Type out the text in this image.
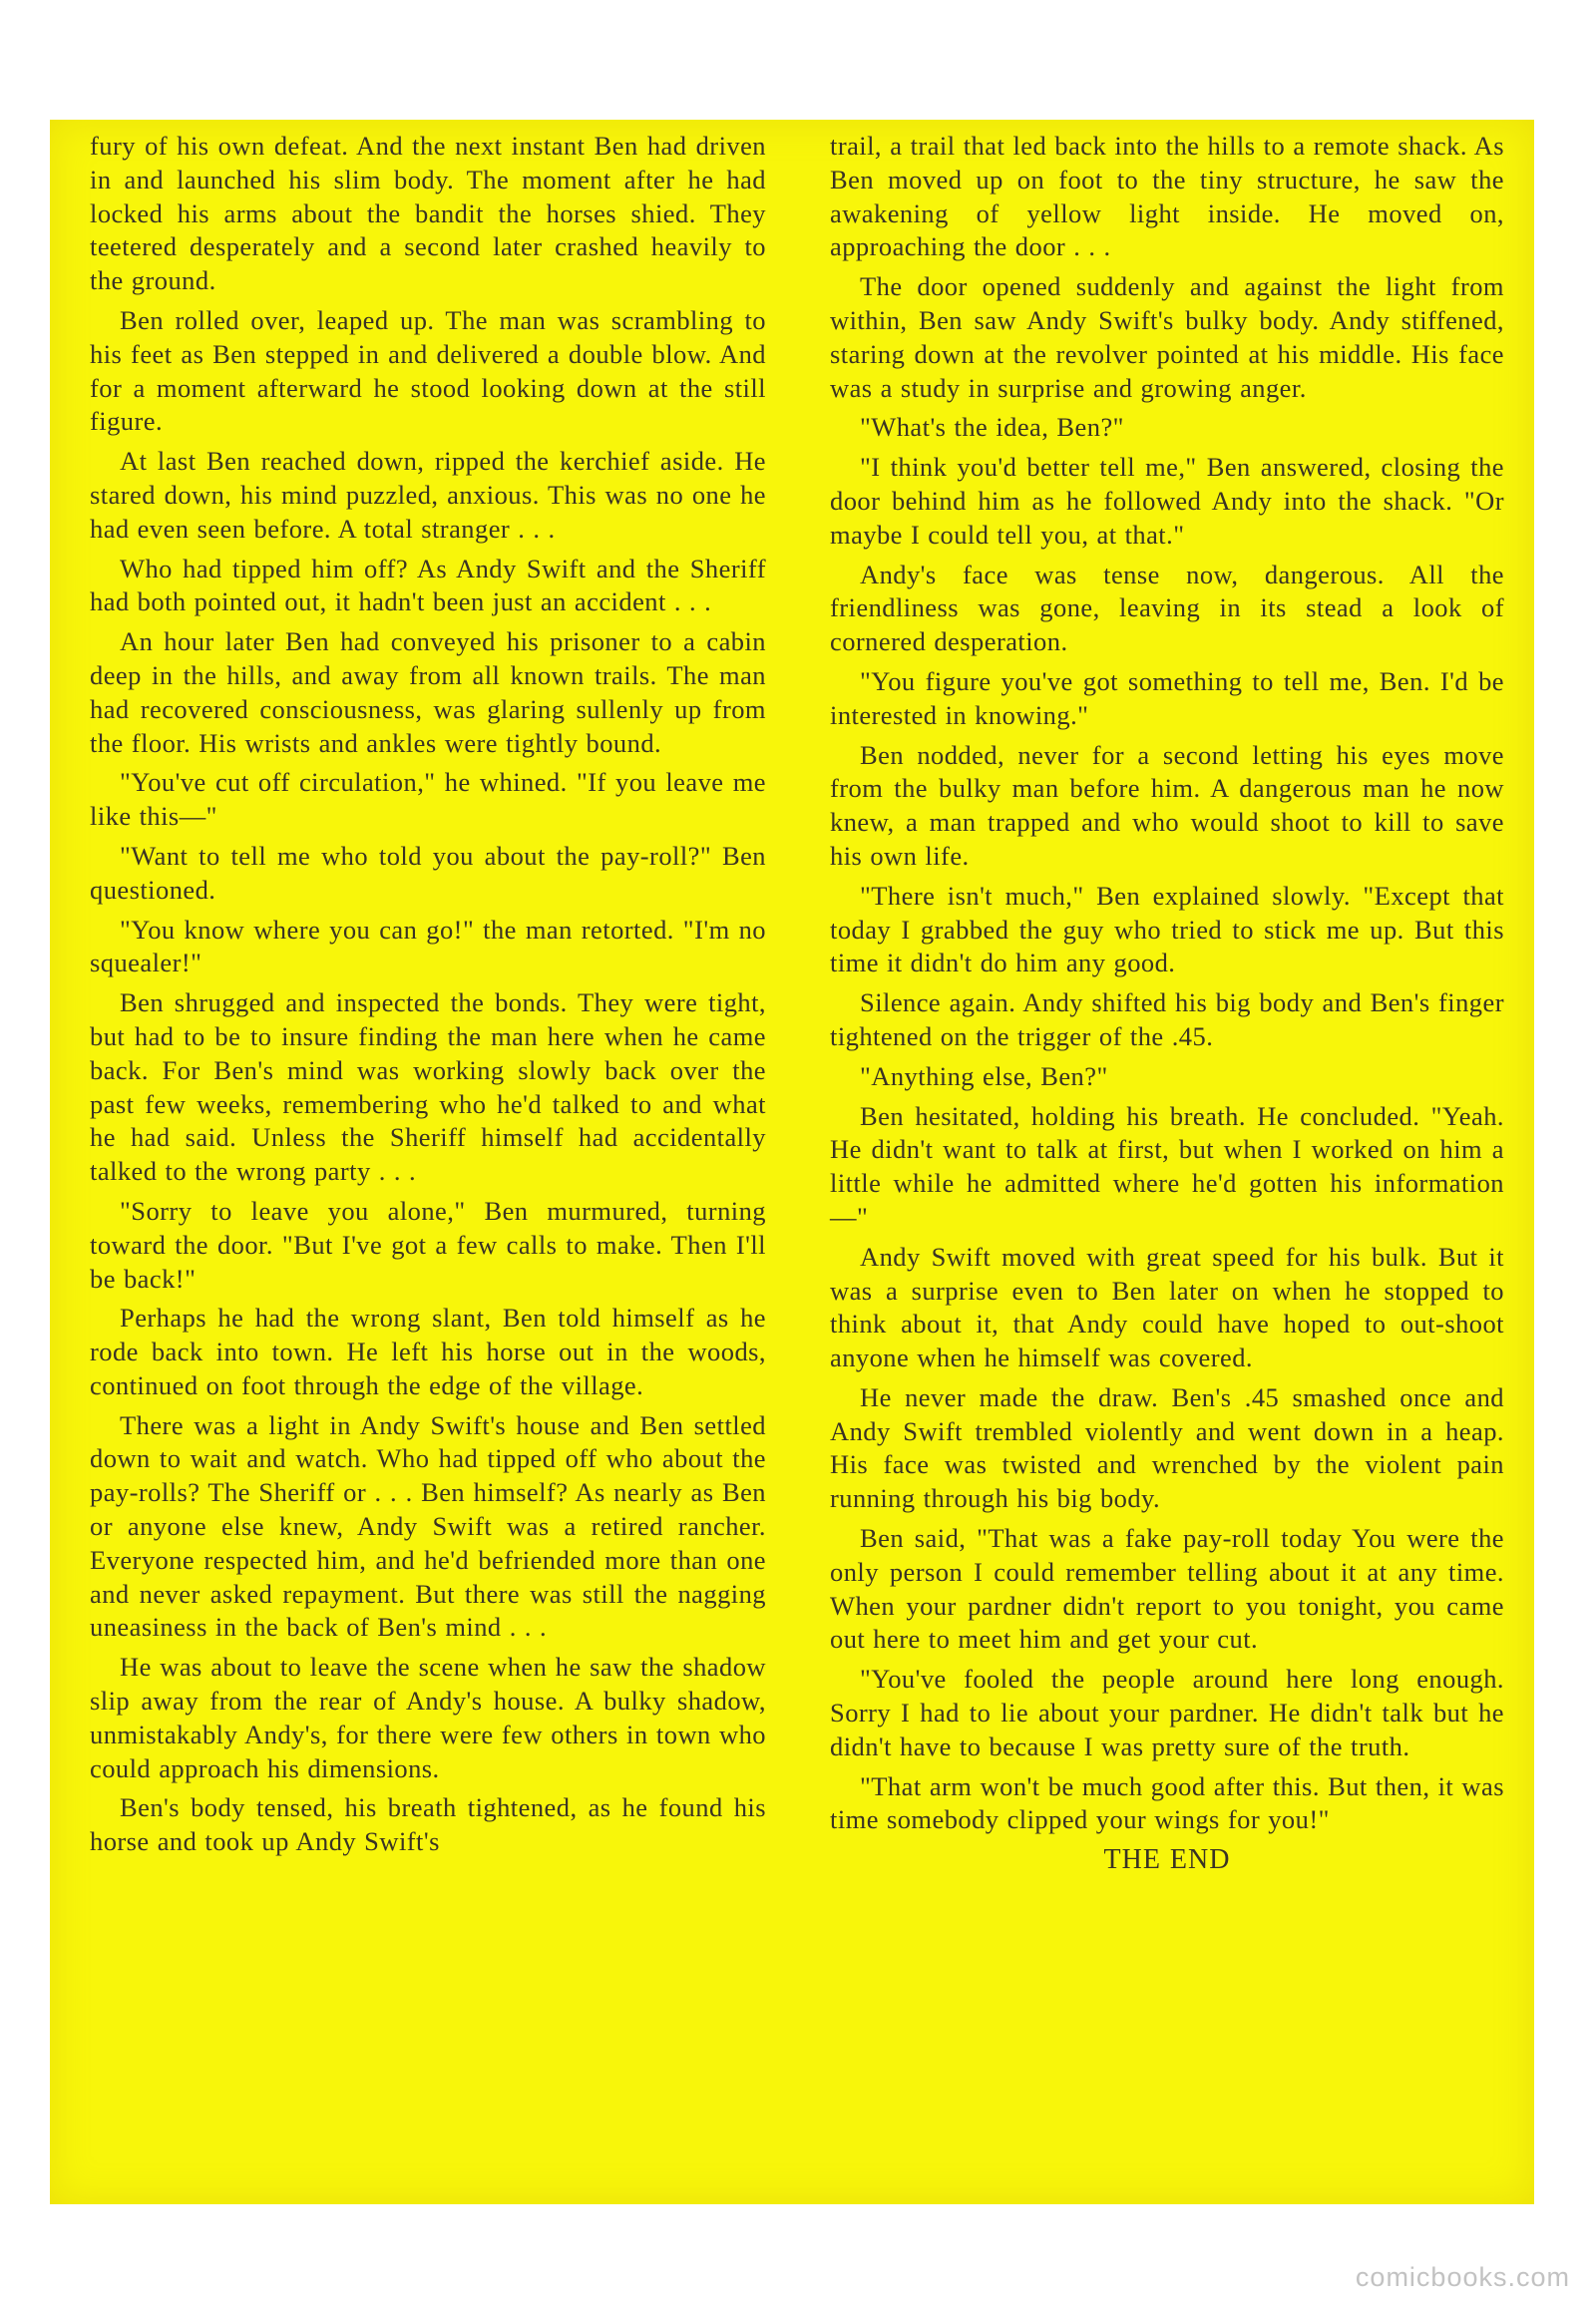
fury of his own defeat. And the next instant Ben had driven in and launched his slim body. The moment after he had locked his arms about the bandit the horses shied. They teetered desperately and a second later crashed heavily to the ground.

Ben rolled over, leaped up. The man was scrambling to his feet as Ben stepped in and delivered a double blow. And for a moment afterward he stood looking down at the still figure.

At last Ben reached down, ripped the kerchief aside. He stared down, his mind puzzled, anxious. This was no one he had even seen before. A total stranger . . .

Who had tipped him off? As Andy Swift and the Sheriff had both pointed out, it hadn't been just an accident . . .

An hour later Ben had conveyed his prisoner to a cabin deep in the hills, and away from all known trails. The man had recovered consciousness, was glaring sullenly up from the floor. His wrists and ankles were tightly bound.

"You've cut off circulation," he whined. "If you leave me like this—"

"Want to tell me who told you about the pay-roll?" Ben questioned.

"You know where you can go!" the man retorted. "I'm no squealer!"

Ben shrugged and inspected the bonds. They were tight, but had to be to insure finding the man here when he came back. For Ben's mind was working slowly back over the past few weeks, remembering who he'd talked to and what he had said. Unless the Sheriff himself had accidentally talked to the wrong party . . .

"Sorry to leave you alone," Ben murmured, turning toward the door. "But I've got a few calls to make. Then I'll be back!"

Perhaps he had the wrong slant, Ben told himself as he rode back into town. He left his horse out in the woods, continued on foot through the edge of the village.

There was a light in Andy Swift's house and Ben settled down to wait and watch. Who had tipped off who about the pay-rolls? The Sheriff or . . . Ben himself? As nearly as Ben or anyone else knew, Andy Swift was a retired rancher. Everyone respected him, and he'd befriended more than one and never asked repayment. But there was still the nagging uneasiness in the back of Ben's mind . . .

He was about to leave the scene when he saw the shadow slip away from the rear of Andy's house. A bulky shadow, unmistakably Andy's, for there were few others in town who could approach his dimensions.

Ben's body tensed, his breath tightened, as he found his horse and took up Andy Swift's

trail, a trail that led back into the hills to a remote shack. As Ben moved up on foot to the tiny structure, he saw the awakening of yellow light inside. He moved on, approaching the door . . .

The door opened suddenly and against the light from within, Ben saw Andy Swift's bulky body. Andy stiffened, staring down at the revolver pointed at his middle. His face was a study in surprise and growing anger.

"What's the idea, Ben?"

"I think you'd better tell me," Ben answered, closing the door behind him as he followed Andy into the shack. "Or maybe I could tell you, at that."

Andy's face was tense now, dangerous. All the friendliness was gone, leaving in its stead a look of cornered desperation.

"You figure you've got something to tell me, Ben. I'd be interested in knowing."

Ben nodded, never for a second letting his eyes move from the bulky man before him. A dangerous man he now knew, a man trapped and who would shoot to kill to save his own life.

"There isn't much," Ben explained slowly. "Except that today I grabbed the guy who tried to stick me up. But this time it didn't do him any good.

Silence again. Andy shifted his big body and Ben's finger tightened on the trigger of the .45.

"Anything else, Ben?"

Ben hesitated, holding his breath. He concluded. "Yeah. He didn't want to talk at first, but when I worked on him a little while he admitted where he'd gotten his information—"

Andy Swift moved with great speed for his bulk. But it was a surprise even to Ben later on when he stopped to think about it, that Andy could have hoped to out-shoot anyone when he himself was covered.

He never made the draw. Ben's .45 smashed once and Andy Swift trembled violently and went down in a heap. His face was twisted and wrenched by the violent pain running through his big body.

Ben said, "That was a fake pay-roll today You were the only person I could remember telling about it at any time. When your pardner didn't report to you tonight, you came out here to meet him and get your cut.

"You've fooled the people around here long enough. Sorry I had to lie about your pardner. He didn't talk but he didn't have to because I was pretty sure of the truth.

"That arm won't be much good after this. But then, it was time somebody clipped your wings for you!"

THE END

comicbooks.com
